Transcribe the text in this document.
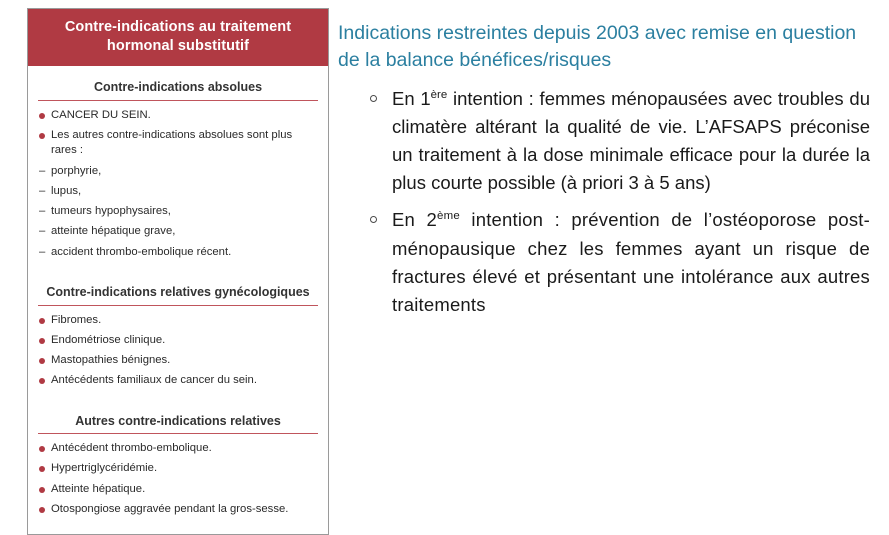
Contre-indications au traitement hormonal substitutif
Contre-indications absolues
CANCER DU SEIN.
Les autres contre-indications absolues sont plus rares :
– porphyrie,
– lupus,
– tumeurs hypophysaires,
– atteinte hépatique grave,
– accident thrombo-embolique récent.
Contre-indications relatives gynécologiques
Fibromes.
Endométriose clinique.
Mastopathies bénignes.
Antécédents familiaux de cancer du sein.
Autres contre-indications relatives
Antécédent thrombo-embolique.
Hypertriglycéridémie.
Atteinte hépatique.
Otospongiose aggravée pendant la gros-sesse.
Indications restreintes depuis 2003 avec remise en question de la balance bénéfices/risques
En 1ère intention : femmes ménopausées avec troubles du climatère altérant la qualité de vie. L’AFSAPS préconise un traitement à la dose minimale efficace pour la durée la plus courte possible (à priori 3 à 5 ans)
En 2ème intention : prévention de l’ostéoporose post-ménopausique chez les femmes ayant un risque de fractures élevé et présentant une intolérance aux autres traitements
